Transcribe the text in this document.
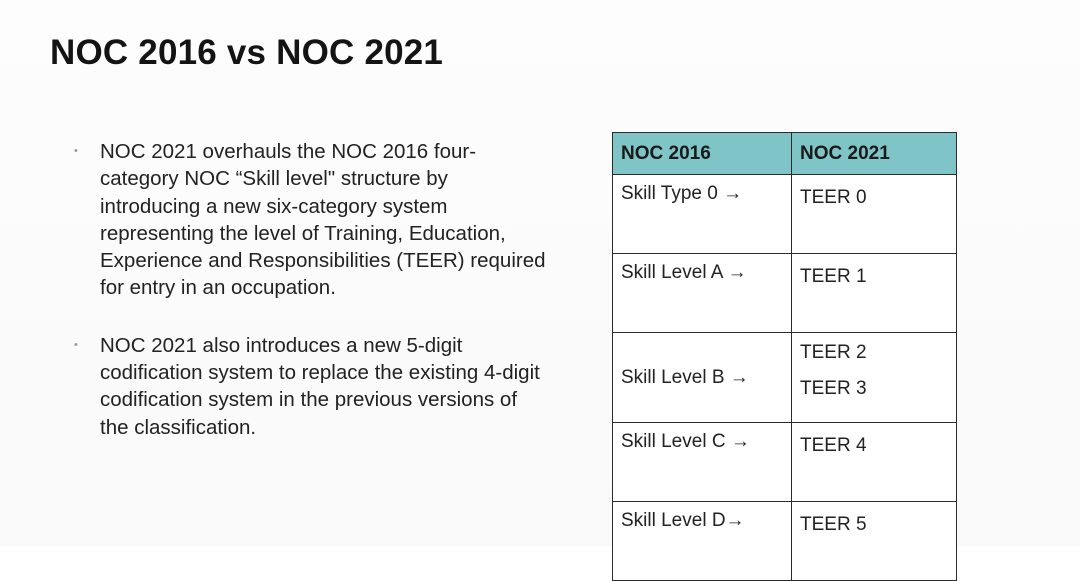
NOC 2016 vs NOC 2021
• NOC 2021 overhauls the NOC 2016 four-category NOC “Skill level" structure by introducing a new six-category system representing the level of Training, Education, Experience and Responsibilities (TEER) required for entry in an occupation.
• NOC 2021 also introduces a new 5-digit codification system to replace the existing 4-digit codification system in the previous versions of the classification.
NOC 2016	NOC 2021
Skill Type 0 →	TEER 0

Skill Level A →	TEER 1

Skill Level B →	TEER 2
TEER 3

Skill Level C →	TEER 4

Skill Level D→	TEER 5
